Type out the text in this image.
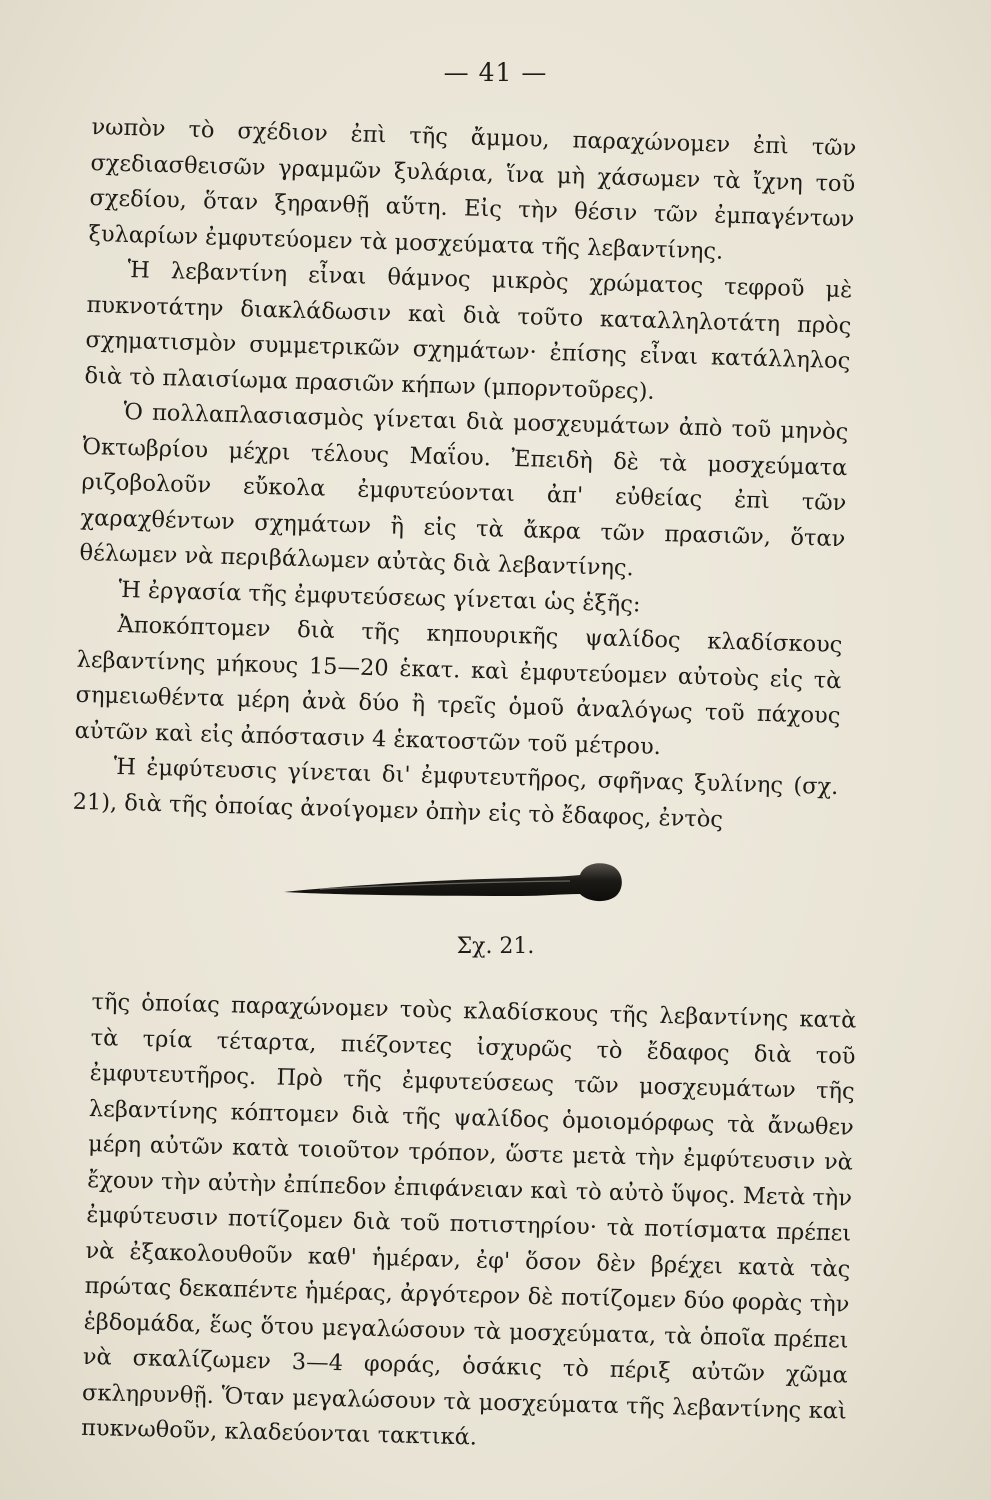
— 41 —

νωπὸν τὸ σχέδιον ἐπὶ τῆς ἄμμου, παραχώνομεν ἐπὶ τῶν σχεδιασθεισῶν γραμμῶν ξυλάρια, ἵνα μὴ χάσωμεν τὰ ἴχνη τοῦ σχεδίου, ὅταν ξηρανθῇ αὕτη. Εἰς τὴν θέσιν τῶν ἐμπαγέντων ξυλαρίων ἐμφυτεύομεν τὰ μοσχεύματα τῆς λεβαντίνης.

Ἡ λεβαντίνη εἶναι θάμνος μικρὸς χρώματος τεφροῦ μὲ πυκνοτάτην διακλάδωσιν καὶ διὰ τοῦτο καταλληλοτάτη πρὸς σχηματισμὸν συμμετρικῶν σχημάτων· ἐπίσης εἶναι κατάλληλος διὰ τὸ πλαισίωμα πρασιῶν κήπων (μπορντοῦρες).

Ὁ πολλαπλασιασμὸς γίνεται διὰ μοσχευμάτων ἀπὸ τοῦ μηνὸς Ὀκτωβρίου μέχρι τέλους Μαΐου. Ἐπειδὴ δὲ τὰ μοσχεύματα ριζοβολοῦν εὔκολα ἐμφυτεύονται ἀπ' εὐθείας ἐπὶ τῶν χαραχθέντων σχημάτων ἢ εἰς τὰ ἄκρα τῶν πρασιῶν, ὅταν θέλωμεν νὰ περιβάλωμεν αὐτὰς διὰ λεβαντίνης.

Ἡ ἐργασία τῆς ἐμφυτεύσεως γίνεται ὡς ἑξῆς:

Ἀποκόπτομεν διὰ τῆς κηπουρικῆς ψαλίδος κλαδίσκους λεβαντίνης μήκους 15—20 ἑκατ. καὶ ἐμφυτεύομεν αὐτοὺς εἰς τὰ σημειωθέντα μέρη ἀνὰ δύο ἢ τρεῖς ὁμοῦ ἀναλόγως τοῦ πάχους αὐτῶν καὶ εἰς ἀπόστασιν 4 ἑκατοστῶν τοῦ μέτρου.

Ἡ ἐμφύτευσις γίνεται δι' ἐμφυτευτῆρος, σφῆνας ξυλίνης (σχ. 21), διὰ τῆς ὁποίας ἀνοίγομεν ὀπὴν εἰς τὸ ἔδαφος, ἐντὸς

Σχ. 21.

τῆς ὁποίας παραχώνομεν τοὺς κλαδίσκους τῆς λεβαντίνης κατὰ τὰ τρία τέταρτα, πιέζοντες ἰσχυρῶς τὸ ἔδαφος διὰ τοῦ ἐμφυτευτῆρος. Πρὸ τῆς ἐμφυτεύσεως τῶν μοσχευμάτων τῆς λεβαντίνης κόπτομεν διὰ τῆς ψαλίδος ὁμοιομόρφως τὰ ἄνωθεν μέρη αὐτῶν κατὰ τοιοῦτον τρόπον, ὥστε μετὰ τὴν ἐμφύτευσιν νὰ ἔχουν τὴν αὐτὴν ἐπίπεδον ἐπιφάνειαν καὶ τὸ αὐτὸ ὕψος. Μετὰ τὴν ἐμφύτευσιν ποτίζομεν διὰ τοῦ ποτιστηρίου· τὰ ποτίσματα πρέπει νὰ ἐξακολουθοῦν καθ' ἡμέραν, ἐφ' ὅσον δὲν βρέχει κατὰ τὰς πρώτας δεκαπέντε ἡμέρας, ἀργότερον δὲ ποτίζομεν δύο φορὰς τὴν ἑβδομάδα, ἕως ὅτου μεγαλώσουν τὰ μοσχεύματα, τὰ ὁποῖα πρέπει νὰ σκαλίζωμεν 3—4 φοράς, ὁσάκις τὸ πέριξ αὐτῶν χῶμα σκληρυνθῇ. Ὅταν μεγαλώσουν τὰ μοσχεύματα τῆς λεβαντίνης καὶ πυκνωθοῦν, κλαδεύονται τακτικά.
